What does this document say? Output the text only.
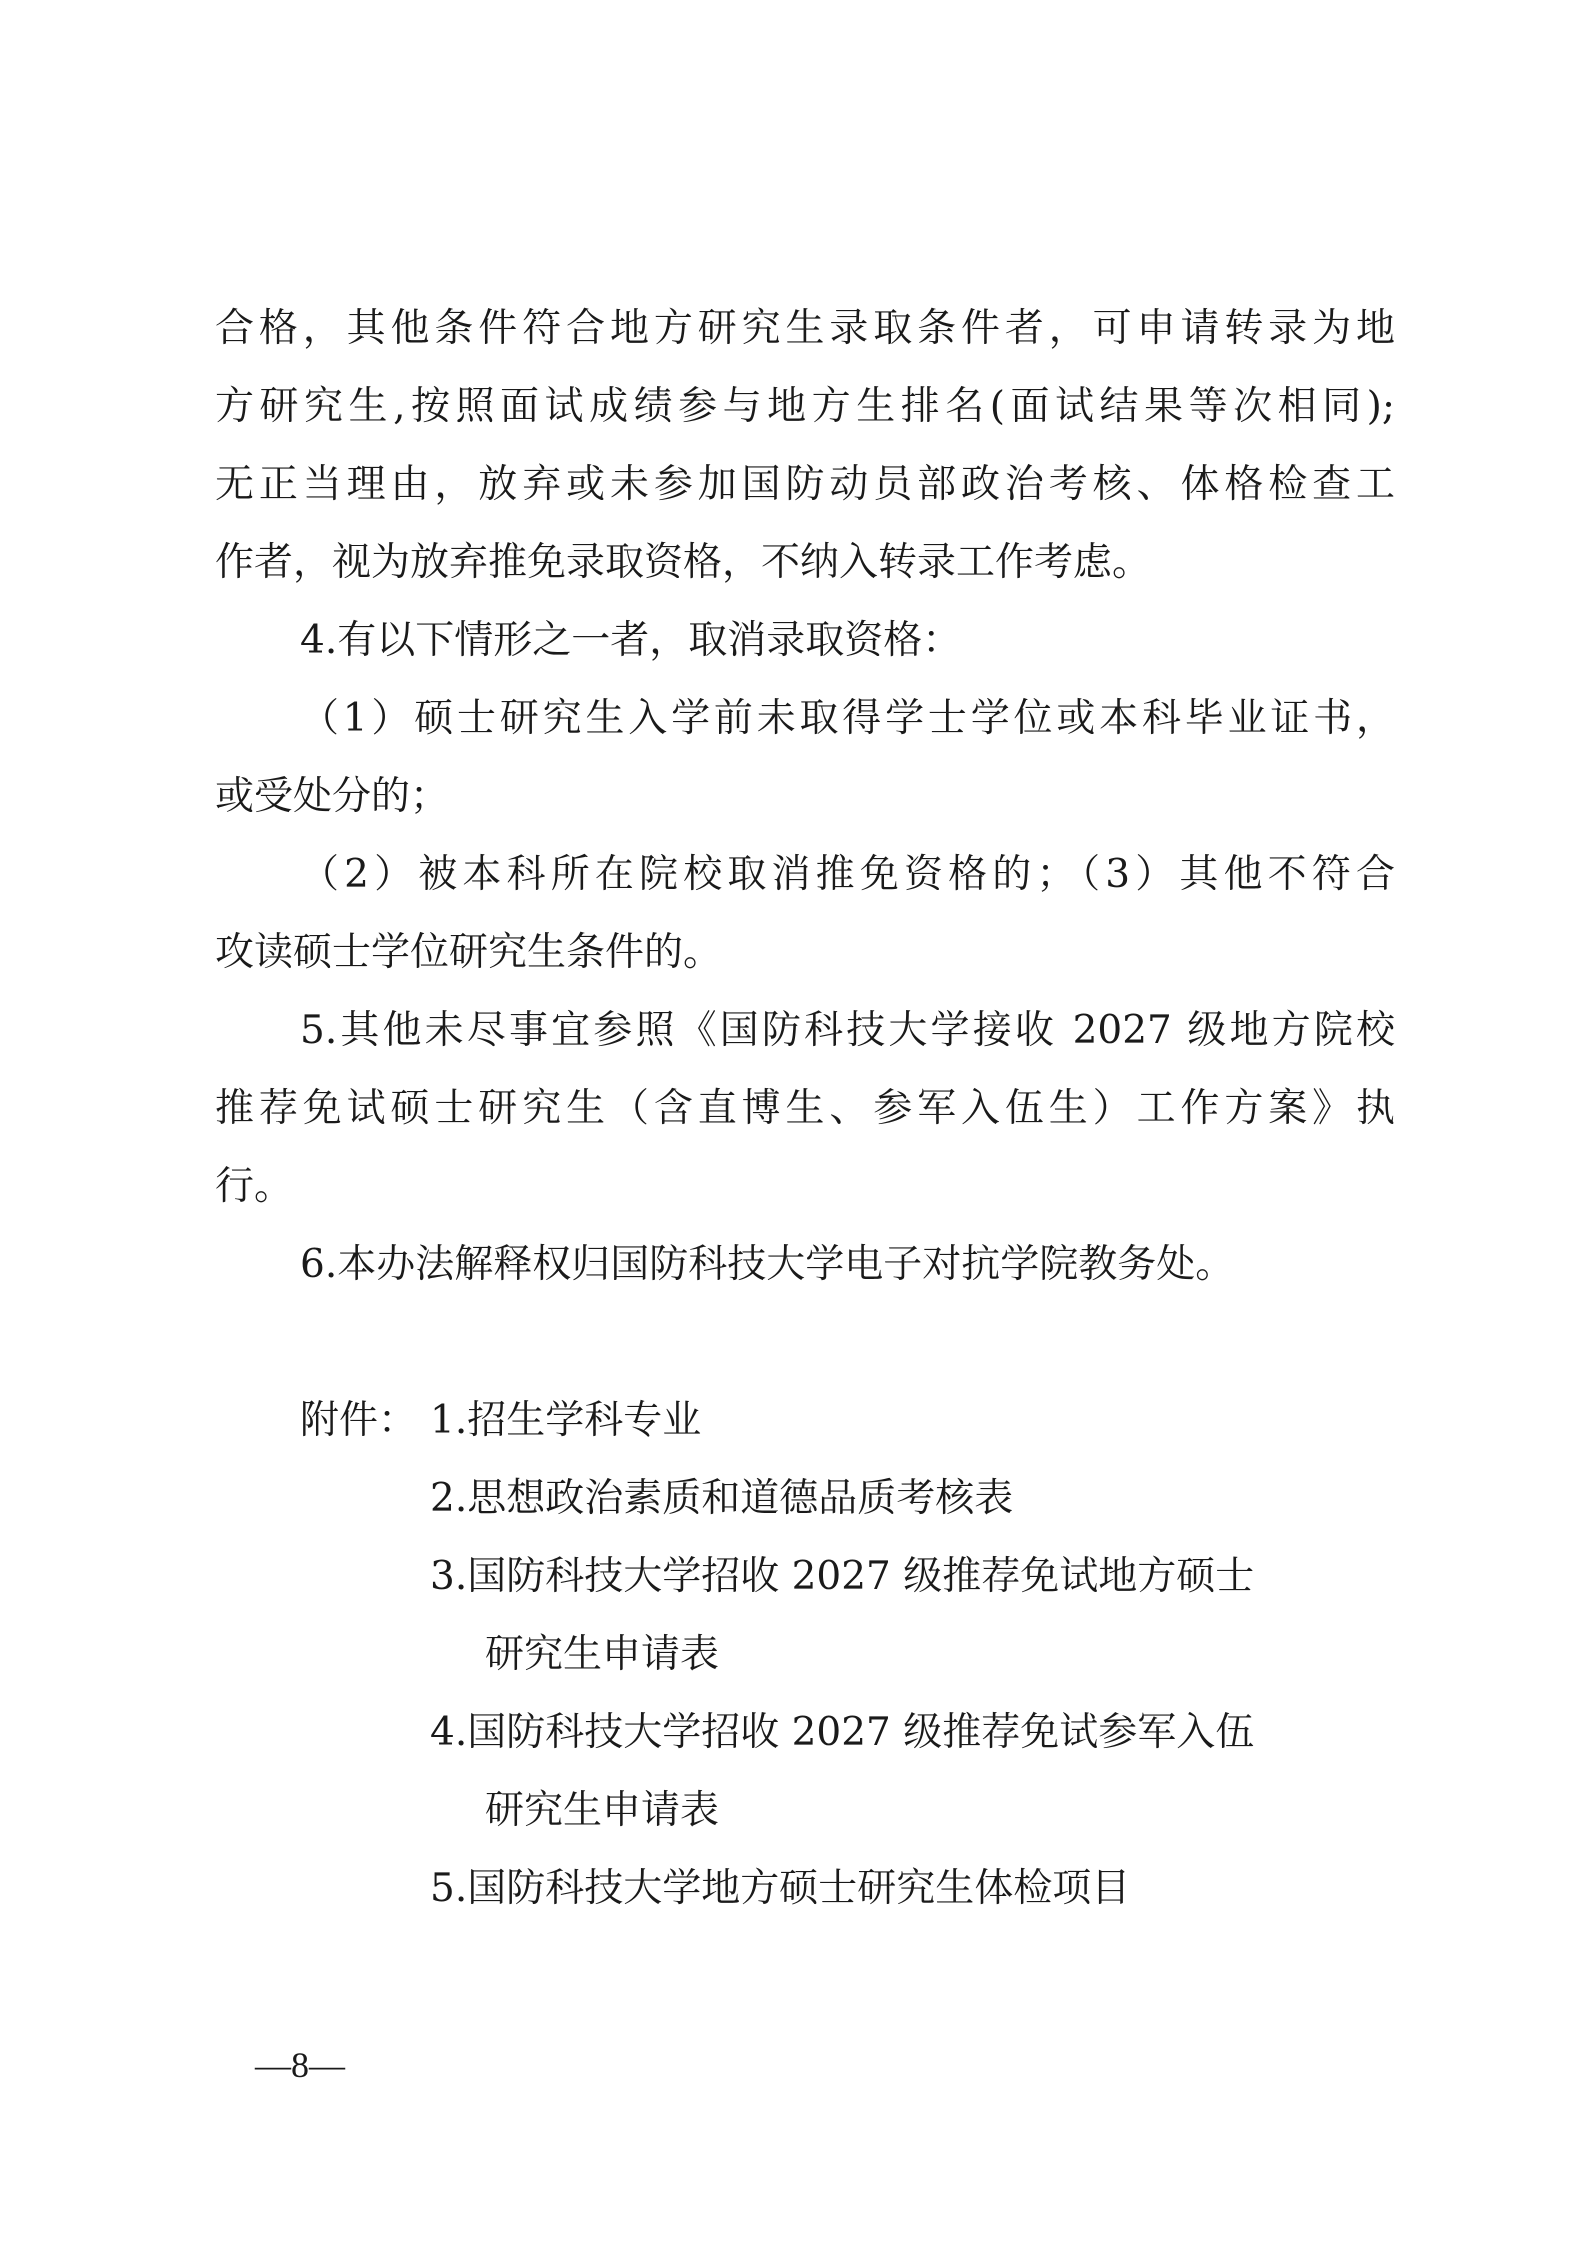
合格，其他条件符合地方研究生录取条件者，可申请转录为地
方研究生,按照面试成绩参与地方生排名(面试结果等次相同);
无正当理由，放弃或未参加国防动员部政治考核、体格检查工
作者，视为放弃推免录取资格，不纳入转录工作考虑。
4.有以下情形之一者，取消录取资格：
（1）硕士研究生入学前未取得学士学位或本科毕业证书，
或受处分的；
（2）被本科所在院校取消推免资格的；（3）其他不符合
攻读硕士学位研究生条件的。
5.其他未尽事宜参照《国防科技大学接收 2027 级地方院校
推荐免试硕士研究生（含直博生、参军入伍生）工作方案》执
行。
6.本办法解释权归国防科技大学电子对抗学院教务处。
附件： 1.招生学科专业
2.思想政治素质和道德品质考核表
3.国防科技大学招收 2027 级推荐免试地方硕士
研究生申请表
4.国防科技大学招收 2027 级推荐免试参军入伍
研究生申请表
5.国防科技大学地方硕士研究生体检项目
—8—
